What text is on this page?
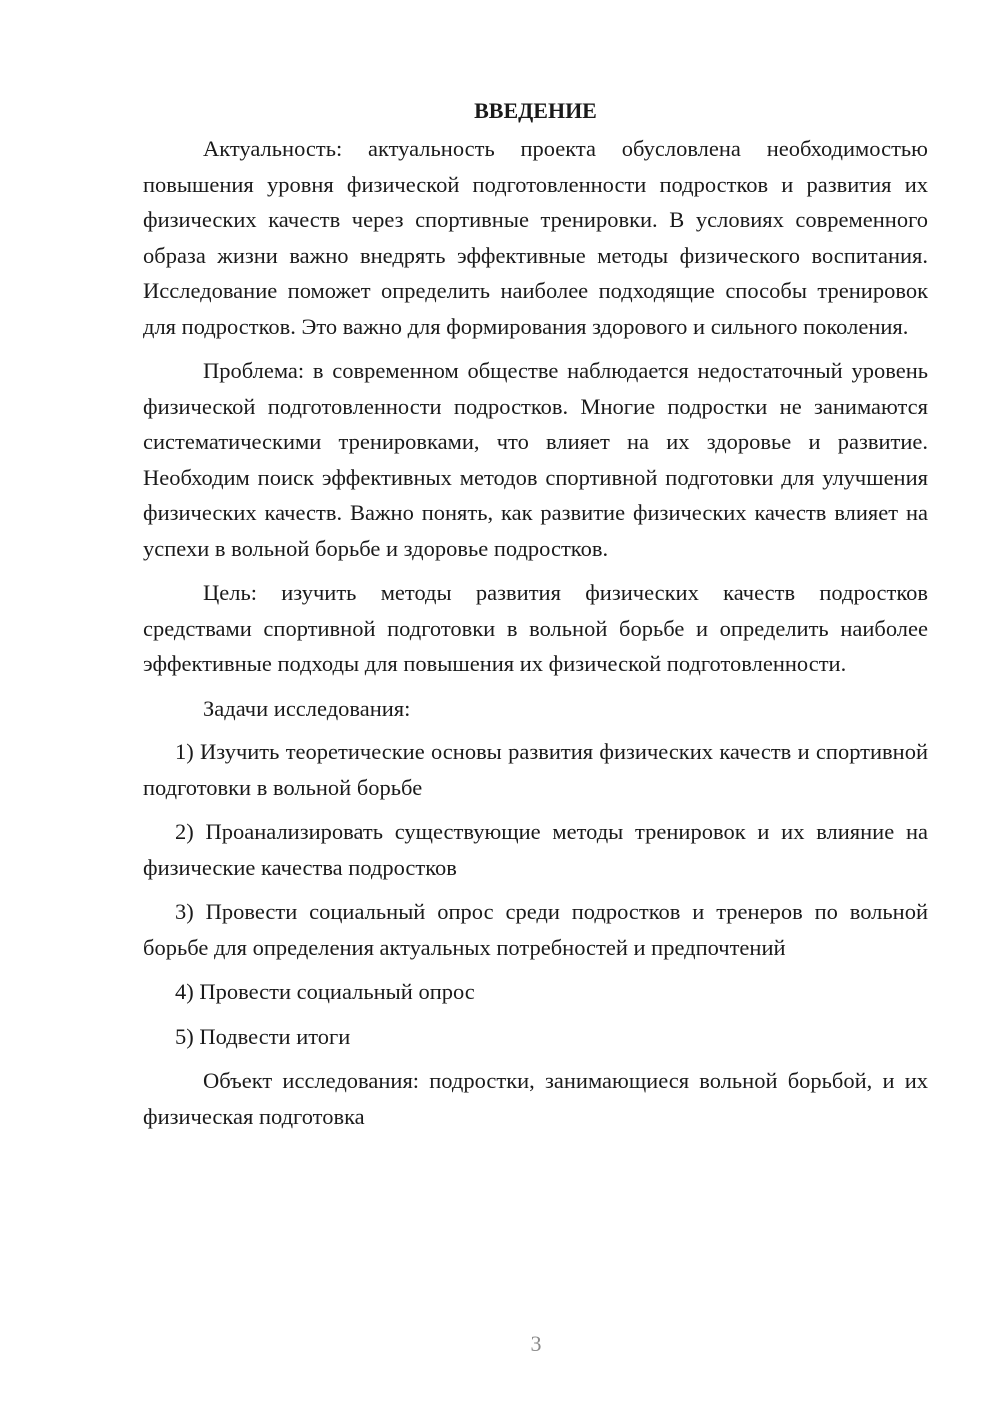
ВВЕДЕНИЕ

Актуальность: актуальность проекта обусловлена необходимостью повышения уровня физической подготовленности подростков и развития их физических качеств через спортивные тренировки. В условиях современного образа жизни важно внедрять эффективные методы физического воспитания. Исследование поможет определить наиболее подходящие способы тренировок для подростков. Это важно для формирования здорового и сильного поколения.

Проблема: в современном обществе наблюдается недостаточный уровень физической подготовленности подростков. Многие подростки не занимаются систематическими тренировками, что влияет на их здоровье и развитие. Необходим поиск эффективных методов спортивной подготовки для улучшения физических качеств. Важно понять, как развитие физических качеств влияет на успехи в вольной борьбе и здоровье подростков.

Цель: изучить методы развития физических качеств подростков средствами спортивной подготовки в вольной борьбе и определить наиболее эффективные подходы для повышения их физической подготовленности.

Задачи исследования:

1) Изучить теоретические основы развития физических качеств и спортивной подготовки в вольной борьбе

2) Проанализировать существующие методы тренировок и их влияние на физические качества подростков

3) Провести социальный опрос среди подростков и тренеров по вольной борьбе для определения актуальных потребностей и предпочтений

4) Провести социальный опрос

5) Подвести итоги

Объект исследования: подростки, занимающиеся вольной борьбой, и их физическая подготовка

3
